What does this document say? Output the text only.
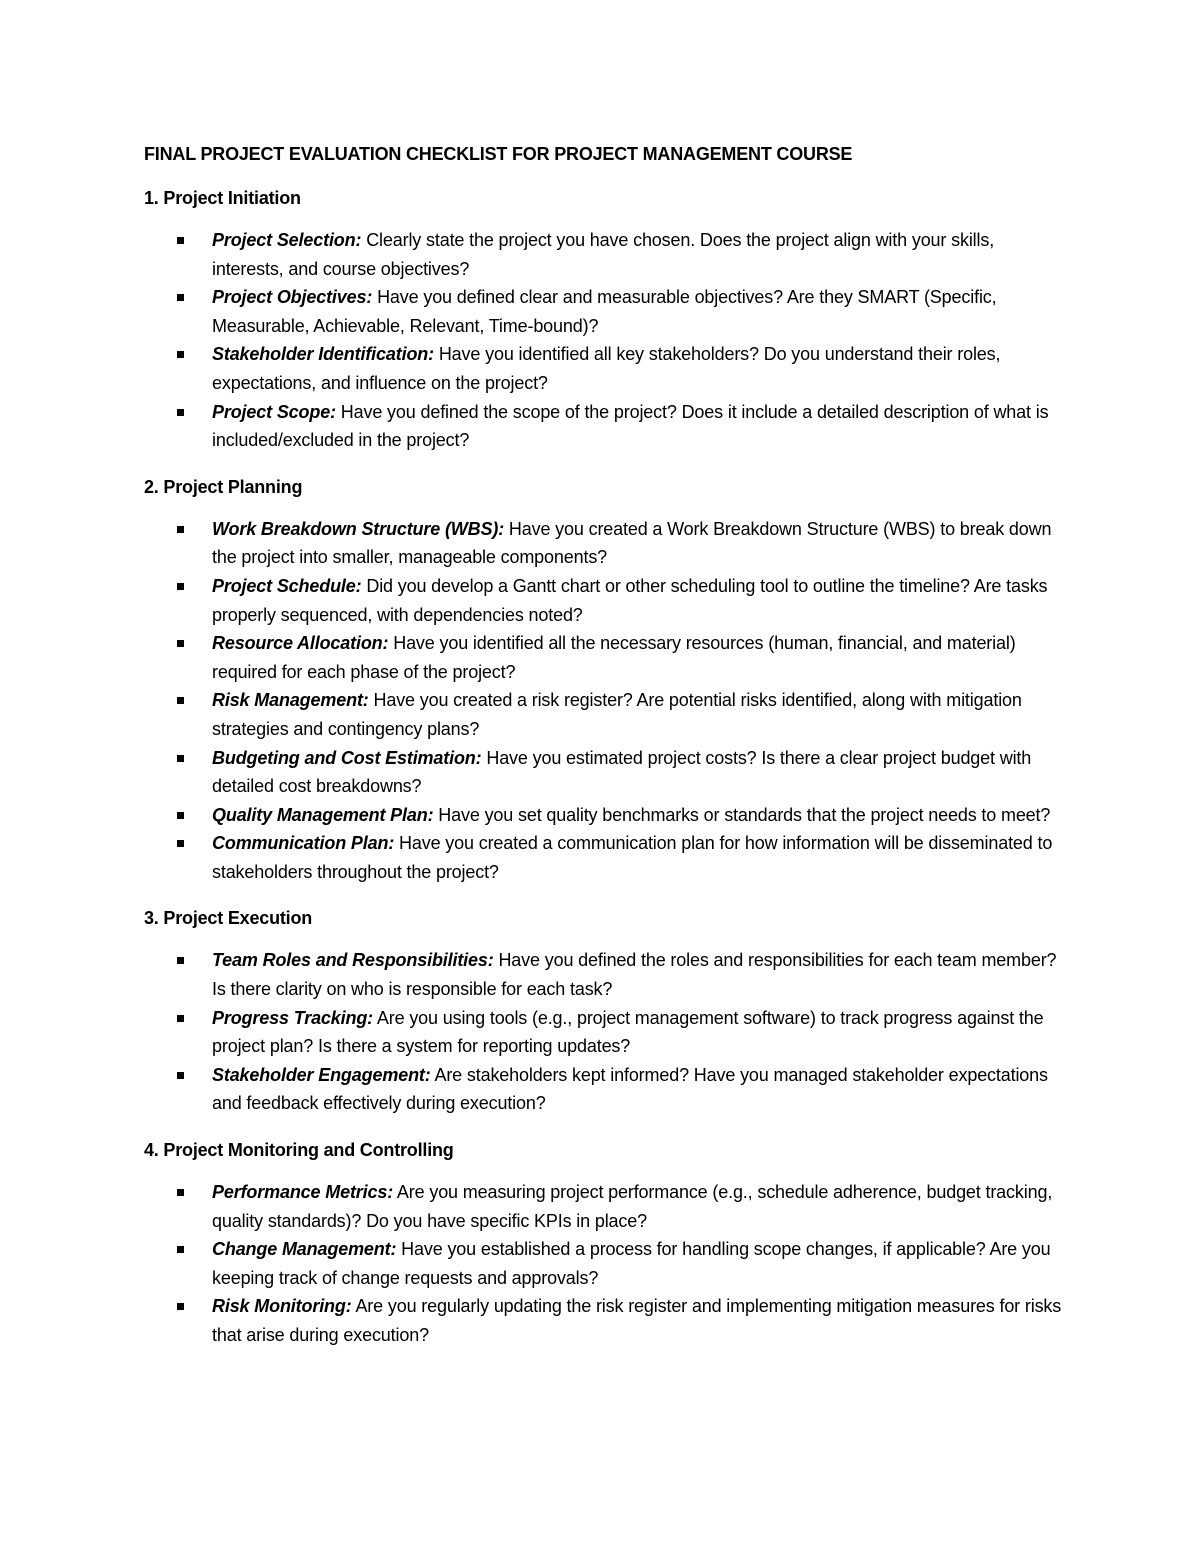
FINAL PROJECT EVALUATION CHECKLIST FOR PROJECT MANAGEMENT COURSE
1. Project Initiation
Project Selection: Clearly state the project you have chosen. Does the project align with your skills, interests, and course objectives?
Project Objectives: Have you defined clear and measurable objectives? Are they SMART (Specific, Measurable, Achievable, Relevant, Time-bound)?
Stakeholder Identification: Have you identified all key stakeholders? Do you understand their roles, expectations, and influence on the project?
Project Scope: Have you defined the scope of the project? Does it include a detailed description of what is included/excluded in the project?
2. Project Planning
Work Breakdown Structure (WBS): Have you created a Work Breakdown Structure (WBS) to break down the project into smaller, manageable components?
Project Schedule: Did you develop a Gantt chart or other scheduling tool to outline the timeline? Are tasks properly sequenced, with dependencies noted?
Resource Allocation: Have you identified all the necessary resources (human, financial, and material) required for each phase of the project?
Risk Management: Have you created a risk register? Are potential risks identified, along with mitigation strategies and contingency plans?
Budgeting and Cost Estimation: Have you estimated project costs? Is there a clear project budget with detailed cost breakdowns?
Quality Management Plan: Have you set quality benchmarks or standards that the project needs to meet?
Communication Plan: Have you created a communication plan for how information will be disseminated to stakeholders throughout the project?
3. Project Execution
Team Roles and Responsibilities: Have you defined the roles and responsibilities for each team member? Is there clarity on who is responsible for each task?
Progress Tracking: Are you using tools (e.g., project management software) to track progress against the project plan? Is there a system for reporting updates?
Stakeholder Engagement: Are stakeholders kept informed? Have you managed stakeholder expectations and feedback effectively during execution?
4. Project Monitoring and Controlling
Performance Metrics: Are you measuring project performance (e.g., schedule adherence, budget tracking, quality standards)? Do you have specific KPIs in place?
Change Management: Have you established a process for handling scope changes, if applicable? Are you keeping track of change requests and approvals?
Risk Monitoring: Are you regularly updating the risk register and implementing mitigation measures for risks that arise during execution?
